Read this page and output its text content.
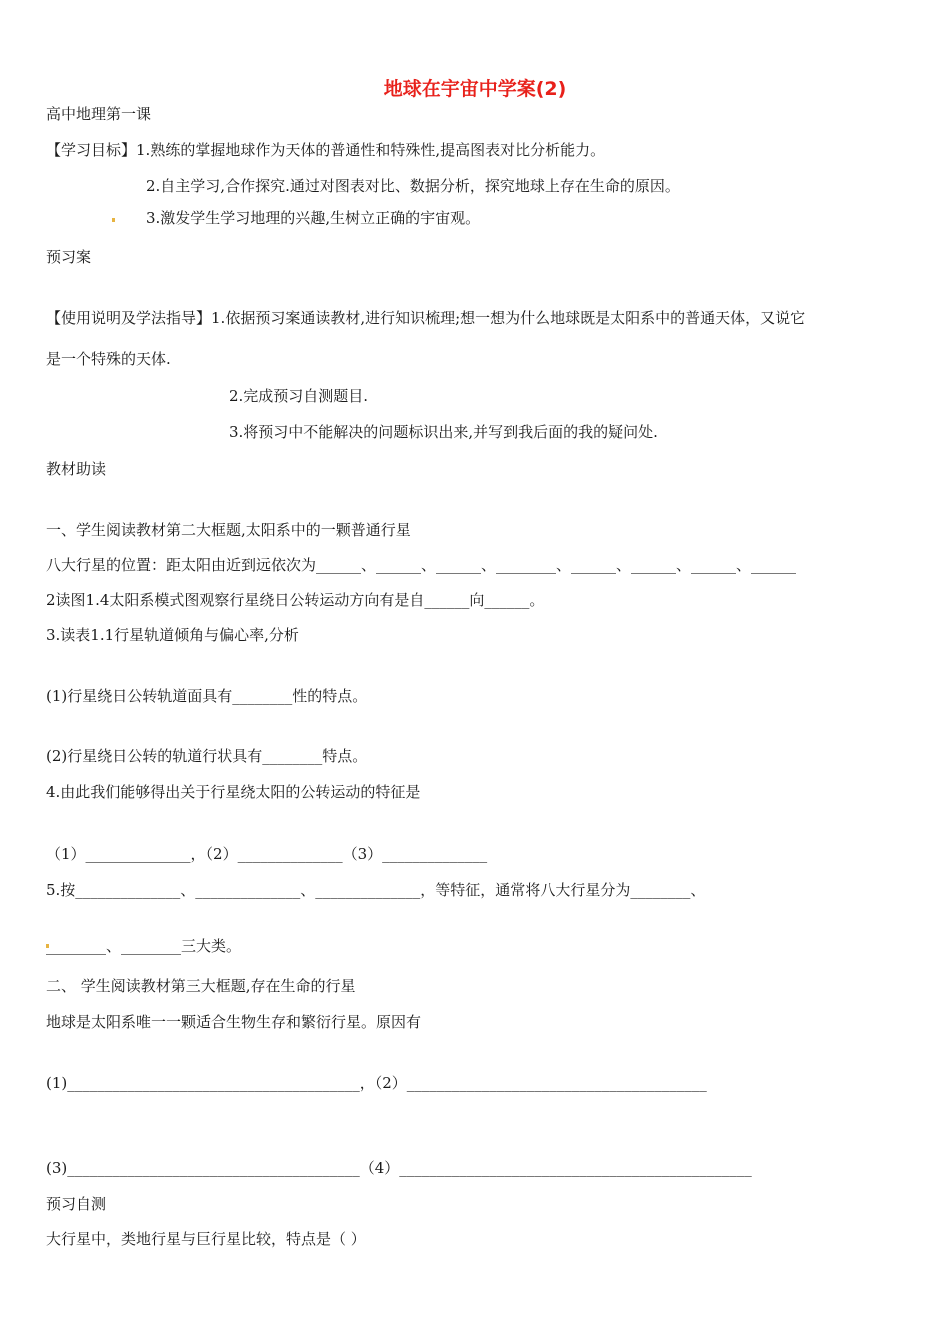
地球在宇宙中学案(2)
高中地理第一课
【学习目标】1.熟练的掌握地球作为天体的普通性和特殊性,提高图表对比分析能力。
2.自主学习,合作探究.通过对图表对比、数据分析，探究地球上存在生命的原因。
3.激发学生学习地理的兴趣,生树立正确的宇宙观。
预习案
【使用说明及学法指导】1.依据预习案通读教材,进行知识梳理;想一想为什么地球既是太阳系中的普通天体，又说它
是一个特殊的天体.
2.完成预习自测题目.
3.将预习中不能解决的问题标识出来,并写到我后面的我的疑问处.
教材助读
一、学生阅读教材第二大框题,太阳系中的一颗普通行星
八大行星的位置：距太阳由近到远依次为______、______、______、________、______、______、______、______
2读图1.4太阳系模式图观察行星绕日公转运动方向有是自______向______。
3.读表1.1行星轨道倾角与偏心率,分析
(1)行星绕日公转轨道面具有________性的特点。
(2)行星绕日公转的轨道行状具有________特点。
4.由此我们能够得出关于行星绕太阳的公转运动的特征是
（1）______________，（2）______________（3）______________
5.按______________、______________、______________，等特征，通常将八大行星分为________、
________、________三大类。
二、 学生阅读教材第三大框题,存在生命的行星
地球是太阳系唯一一颗适合生物生存和繁衍行星。原因有
(1)_______________________________________，（2）________________________________________
(3)_______________________________________（4）_______________________________________________
预习自测
大行星中，类地行星与巨行星比较，特点是（ ）
